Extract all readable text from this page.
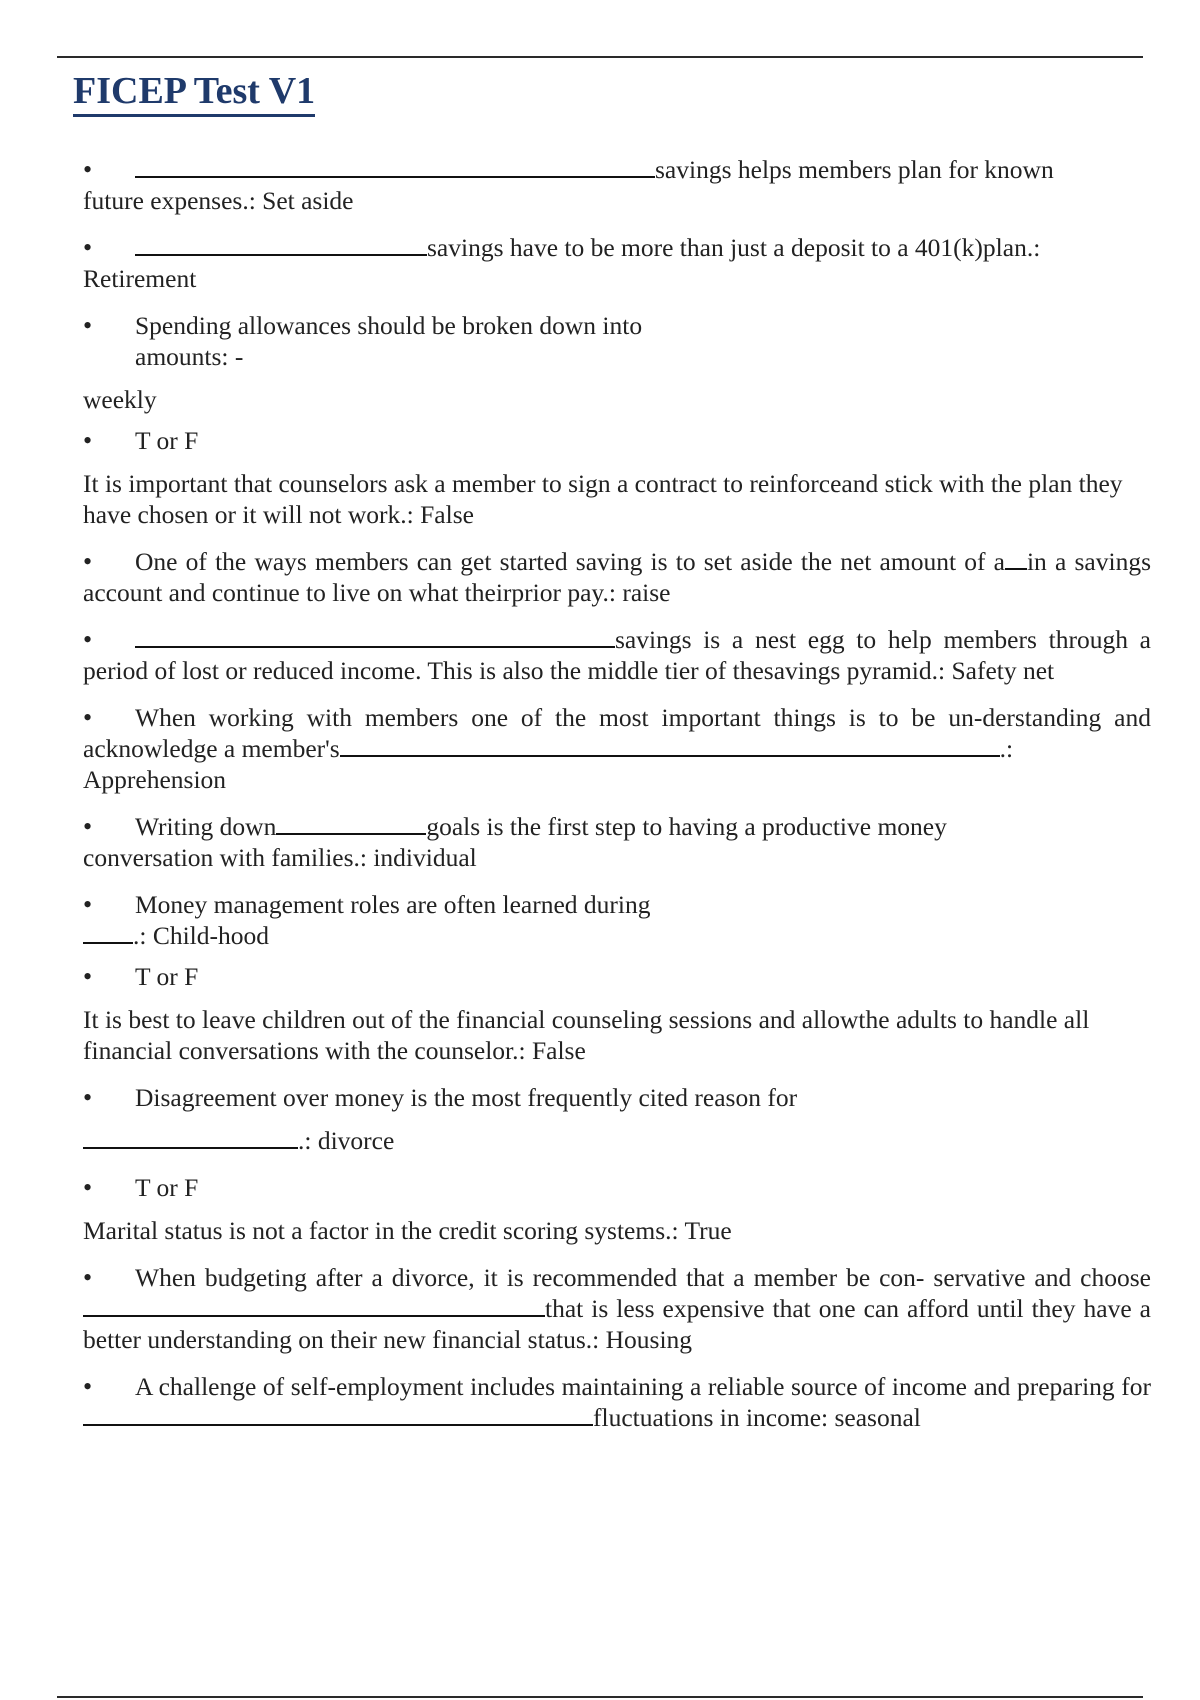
FICEP Test V1
•savings helps members plan for known
future expenses.: Set aside
•savings have to be more than just a deposit to a 401(k)plan.:
Retirement
•Spending allowances should be broken down into
amounts: -
weekly
•T or F
It is important that counselors ask a member to sign a contract to reinforceand stick with the plan they have chosen or it will not work.: False
•One of the ways members can get started saving is to set aside the net amount of a in a savings account and continue to live on what theirprior pay.: raise
•savings is a nest egg to help members through a period of lost or reduced income. This is also the middle tier of thesavings pyramid.: Safety net
•When working with members one of the most important things is to be un-derstanding and acknowledge a member's	.:
Apprehension
•Writing down	goals is the first step to having a productive money
conversation with families.: individual
•Money management roles are often learned during
.: Child-hood
•T or F
It is best to leave children out of the financial counseling sessions and allowthe adults to handle all financial conversations with the counselor.: False
•Disagreement over money is the most frequently cited reason for
.: divorce
•T or F
Marital status is not a factor in the credit scoring systems.: True
•When budgeting after a divorce, it is recommended that a member be con- servative and choosethat is less expensive that one can afford until they have a better understanding on their new financial status.: Housing
•A challenge of self-employment includes maintaining a reliable source of income and preparing forfluctuations in income: seasonal
